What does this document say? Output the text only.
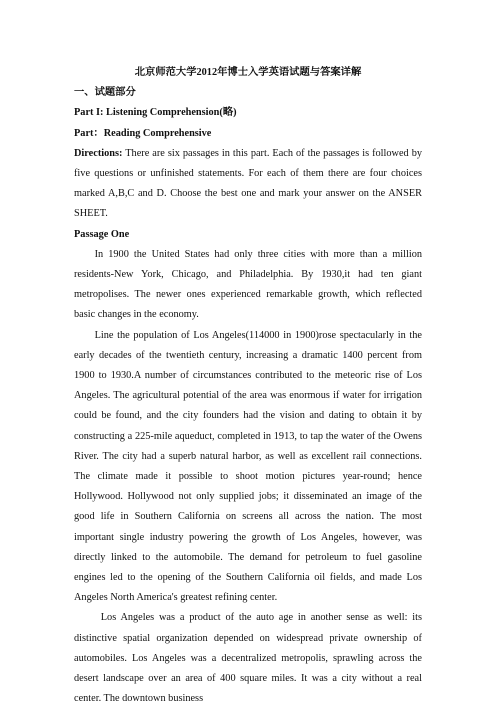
北京师范大学2012年博士入学英语试题与答案详解

一、试题部分

Part I: Listening Comprehension(略)

Part：Reading Comprehensive

Directions: There are six passages in this part. Each of the passages is followed by five questions or unfinished statements. For each of them there are four choices marked A,B,C and D. Choose the best one and mark your answer on the ANSER SHEET.

Passage One

In 1900 the United States had only three cities with more than a million residents-New York, Chicago, and Philadelphia. By 1930,it had ten giant metropolises. The newer ones experienced remarkable growth, which reflected basic changes in the economy.

Line the population of Los Angeles(114000 in 1900)rose spectacularly in the early decades of the twentieth century, increasing a dramatic 1400 percent from 1900 to 1930.A number of circumstances contributed to the meteoric rise of Los Angeles. The agricultural potential of the area was enormous if water for irrigation could be found, and the city founders had the vision and dating to obtain it by constructing a 225-mile aqueduct, completed in 1913, to tap the water of the Owens River. The city had a superb natural harbor, as well as excellent rail connections. The climate made it possible to shoot motion pictures year-round; hence Hollywood. Hollywood not only supplied jobs; it disseminated an image of the good life in Southern California on screens all across the nation. The most important single industry powering the growth of Los Angeles, however, was directly linked to the automobile. The demand for petroleum to fuel gasoline engines led to the opening of the Southern California oil fields, and made Los Angeles North America's greatest refining center.

Los Angeles was a product of the auto age in another sense as well: its distinctive spatial organization depended on widespread private ownership of automobiles. Los Angeles was a decentralized metropolis, sprawling across the desert landscape over an area of 400 square miles. It was a city without a real center. The downtown business
